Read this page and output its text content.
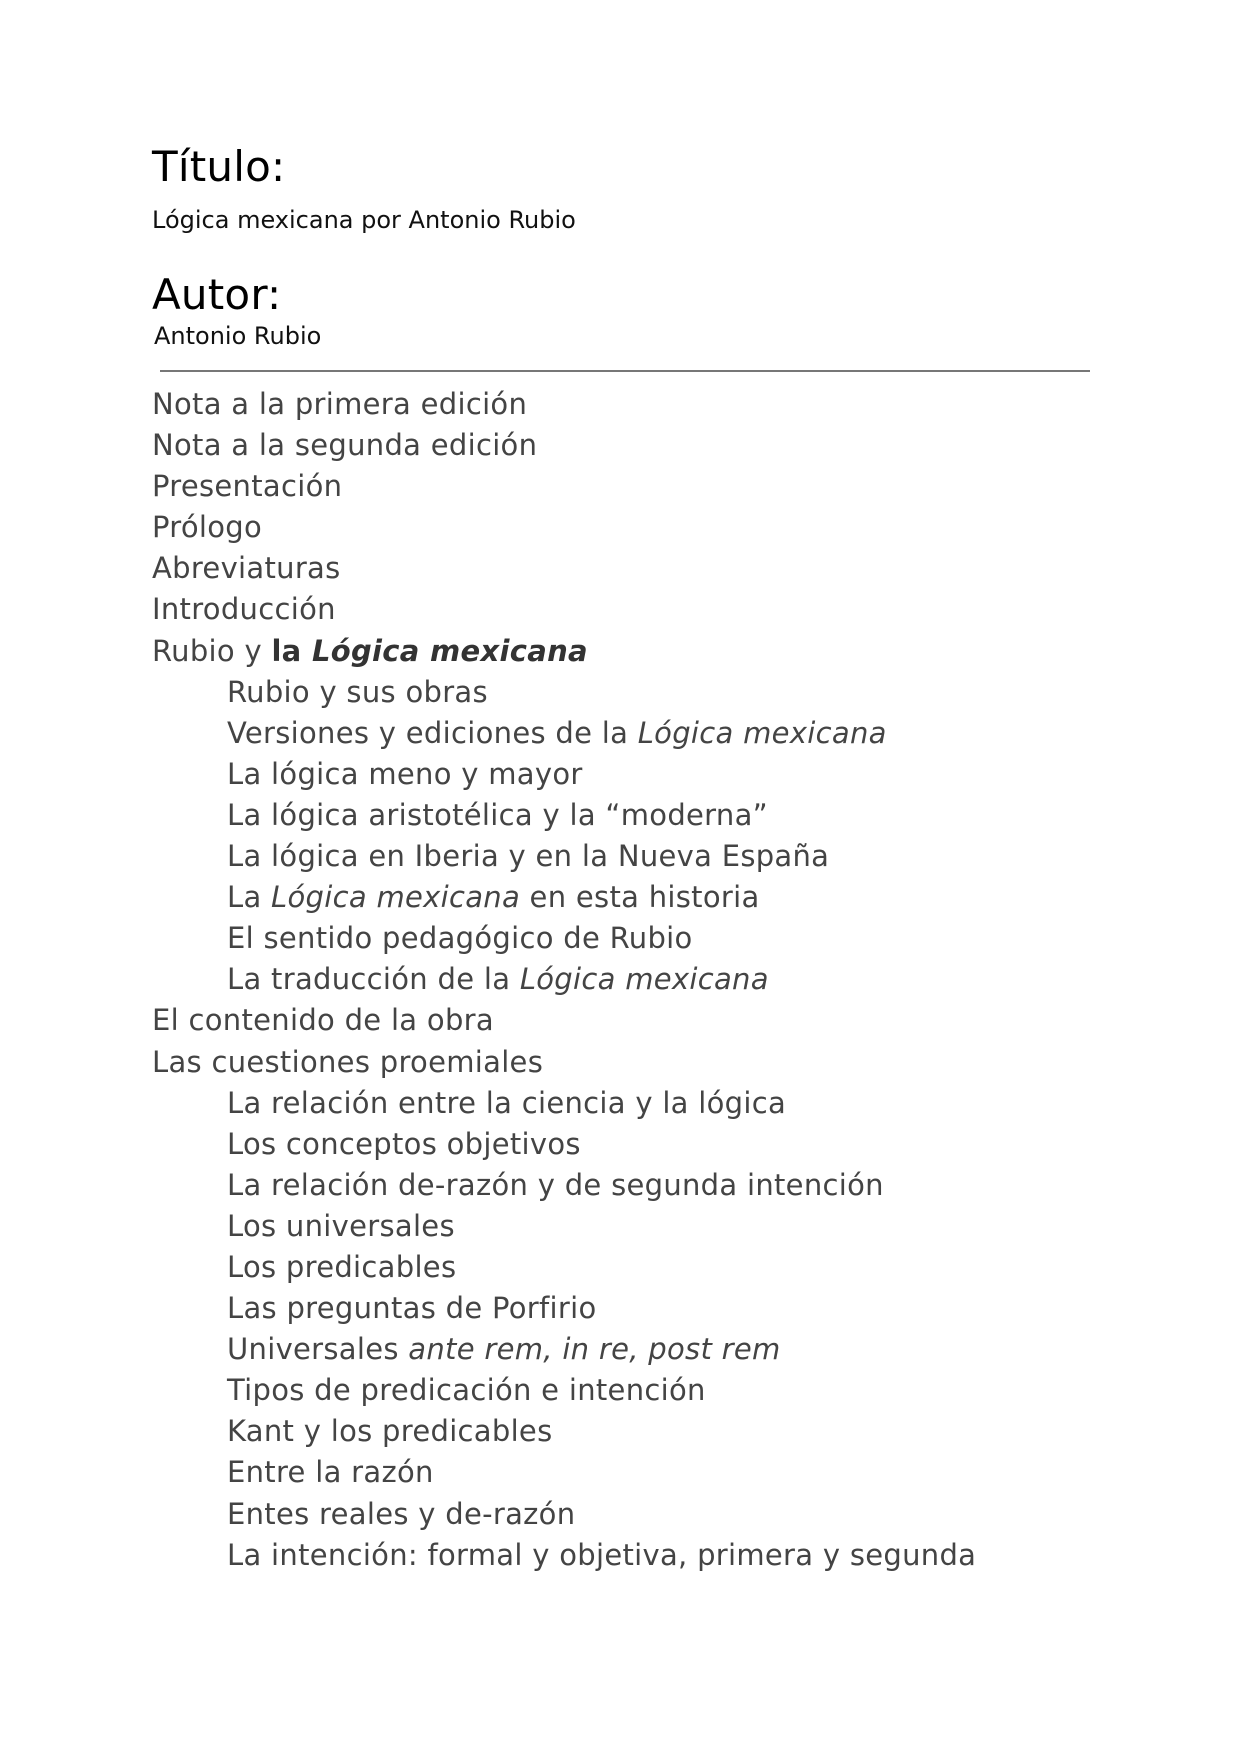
Título:

Lógica mexicana por Antonio Rubio

Autor:

Antonio Rubio

Nota a la primera edición
Nota a la segunda edición
Presentación
Prólogo
Abreviaturas
Introducción
Rubio y la Lógica mexicana
Rubio y sus obras
Versiones y ediciones de la Lógica mexicana
La lógica meno y mayor
La lógica aristotélica y la “moderna”
La lógica en Iberia y en la Nueva España
La Lógica mexicana en esta historia
El sentido pedagógico de Rubio
La traducción de la Lógica mexicana
El contenido de la obra
Las cuestiones proemiales
La relación entre la ciencia y la lógica
Los conceptos objetivos
La relación de-razón y de segunda intención
Los universales
Los predicables
Las preguntas de Porfirio
Universales ante rem, in re, post rem
Tipos de predicación e intención
Kant y los predicables
Entre la razón
Entes reales y de-razón
La intención: formal y objetiva, primera y segunda
